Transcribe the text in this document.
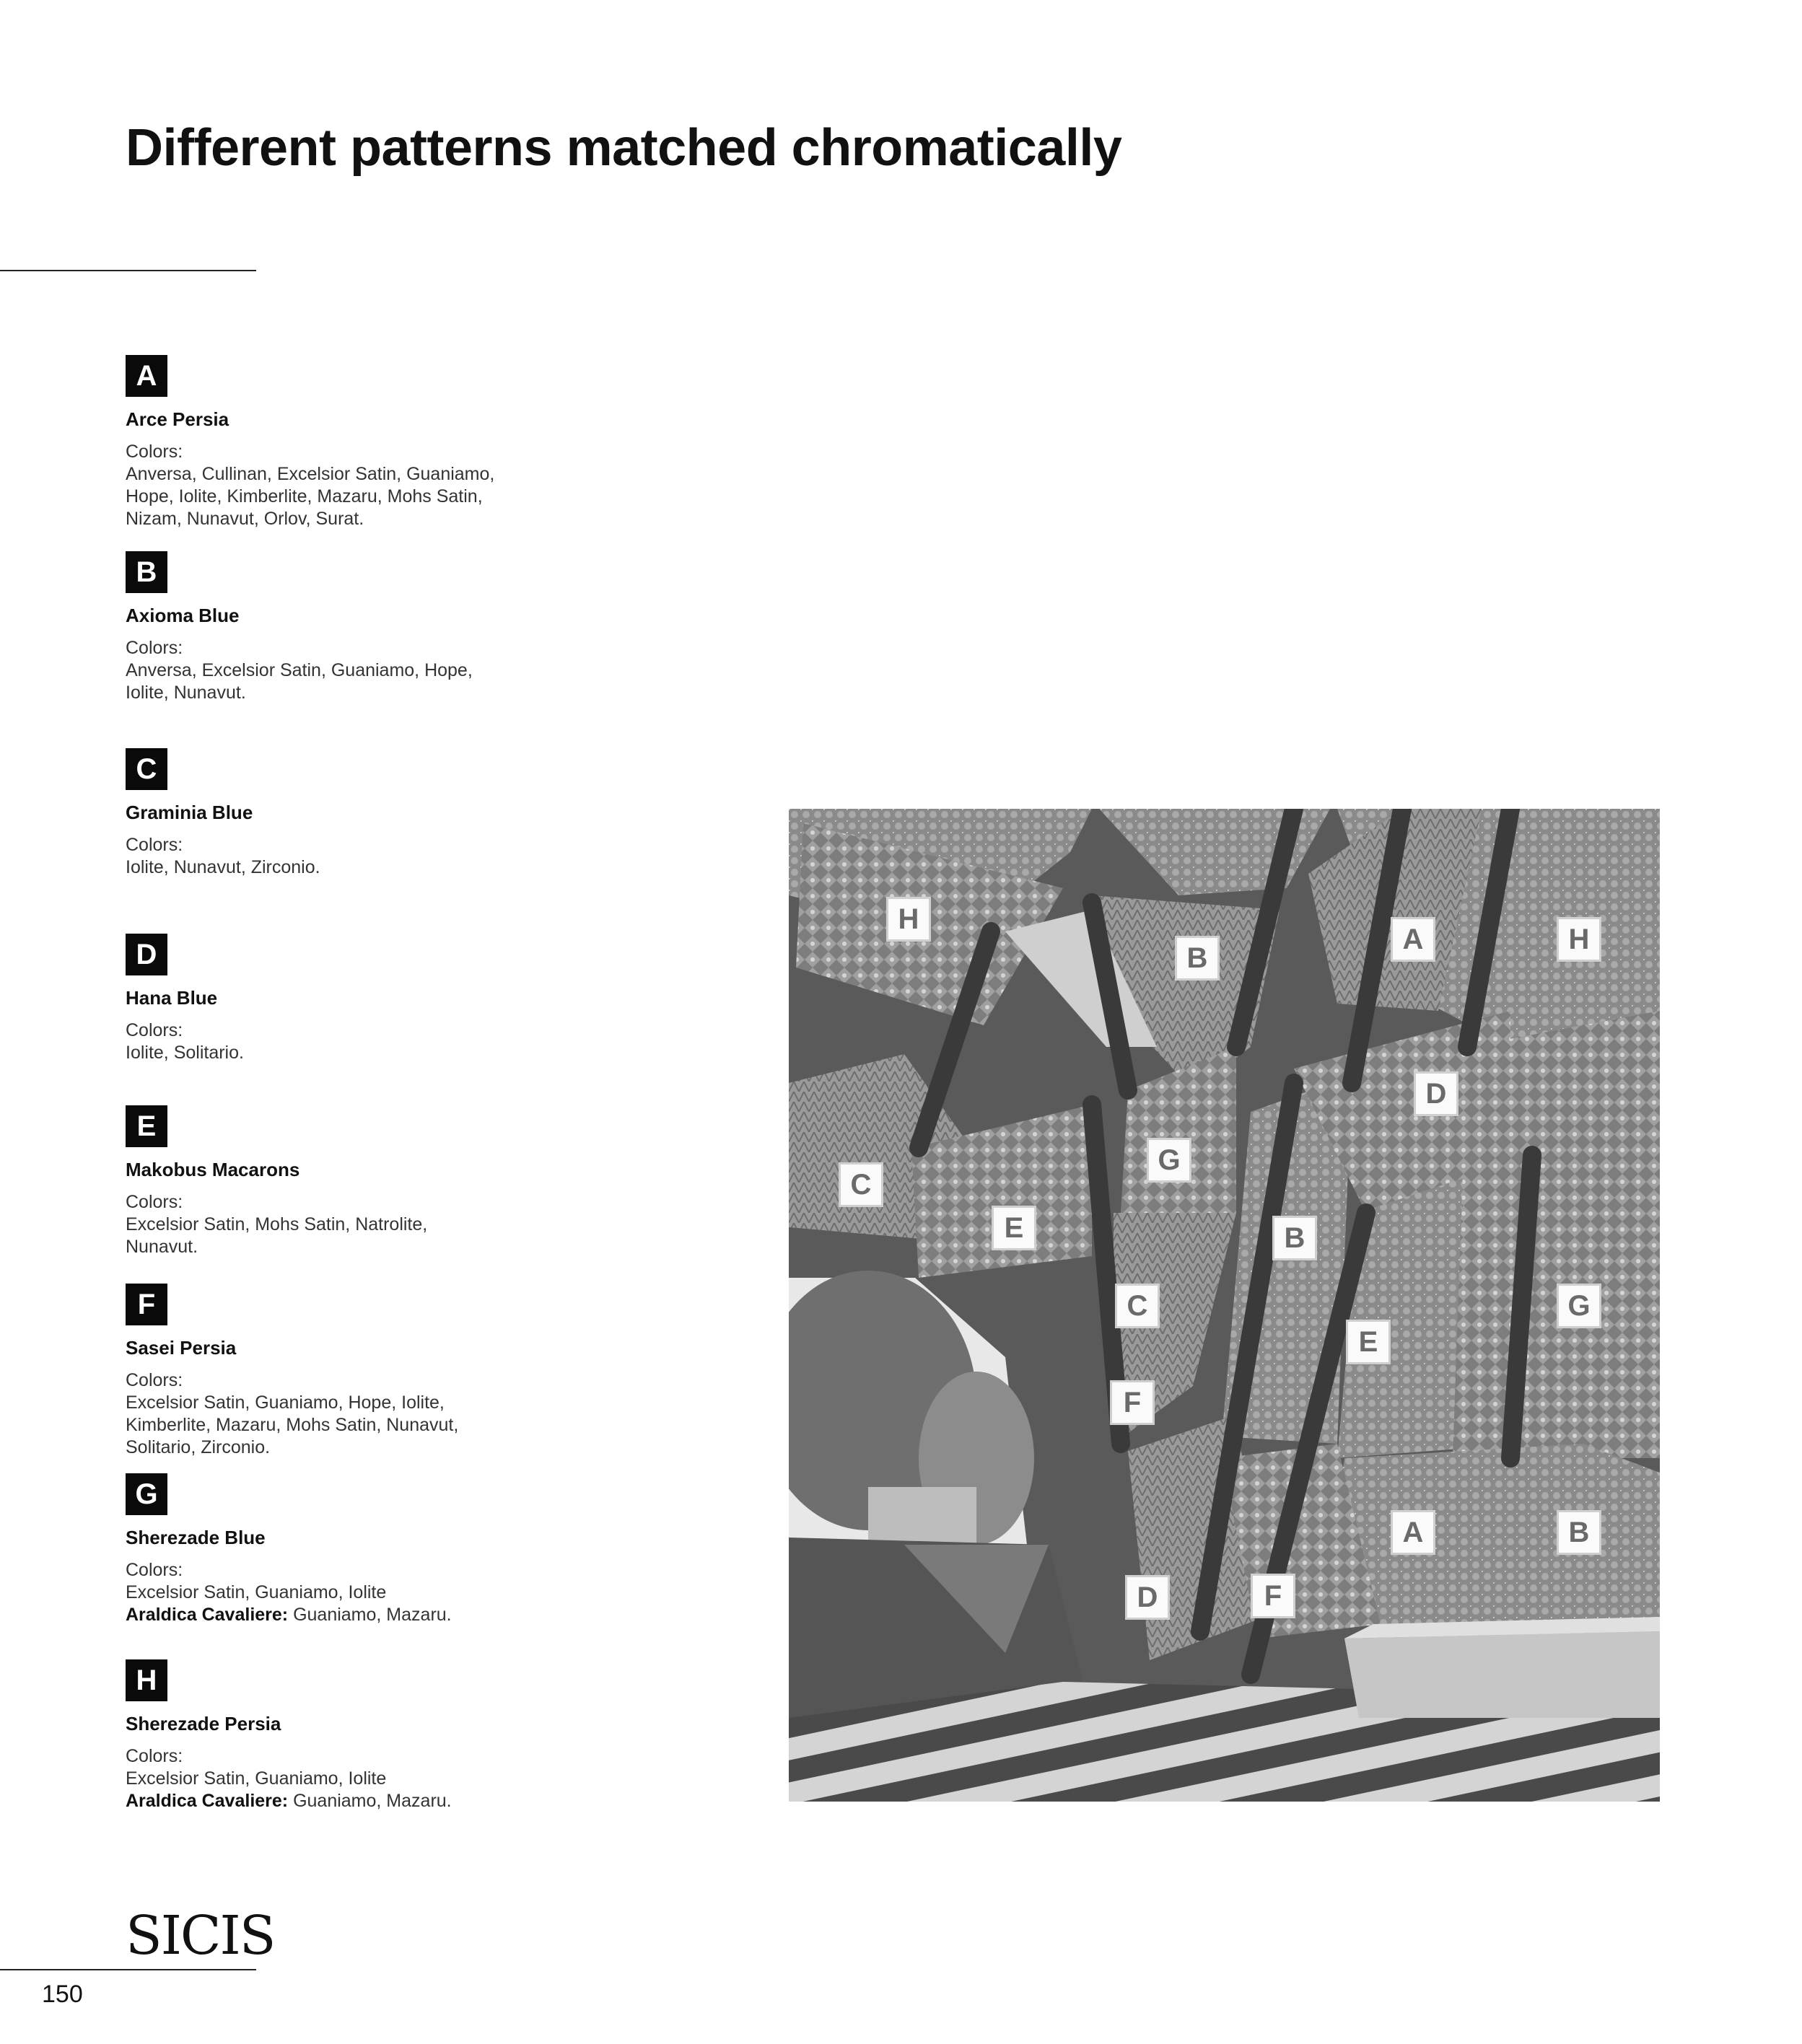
Different patterns matched chromatically
A
Arce Persia
Colors:
Anversa, Cullinan, Excelsior Satin, Guaniamo,
Hope, Iolite, Kimberlite, Mazaru, Mohs Satin,
Nizam, Nunavut, Orlov, Surat.
B
Axioma Blue
Colors:
Anversa, Excelsior Satin, Guaniamo, Hope,
Iolite, Nunavut.
C
Graminia Blue
Colors:
Iolite, Nunavut, Zirconio.
D
Hana Blue
Colors:
Iolite, Solitario.
E
Makobus Macarons
Colors:
Excelsior Satin, Mohs Satin, Natrolite,
Nunavut.
F
Sasei Persia
Colors:
Excelsior Satin, Guaniamo, Hope, Iolite,
Kimberlite, Mazaru, Mohs Satin, Nunavut,
Solitario, Zirconio.
G
Sherezade Blue
Colors:
Excelsior Satin, Guaniamo, Iolite
Araldica Cavaliere: Guaniamo, Mazaru.
H
Sherezade Persia
Colors:
Excelsior Satin, Guaniamo, Iolite
Araldica Cavaliere: Guaniamo, Mazaru.
H
B
A	H
D
G
C
E	B
C	G
E
F
A	B
D	F
SICIS
150
